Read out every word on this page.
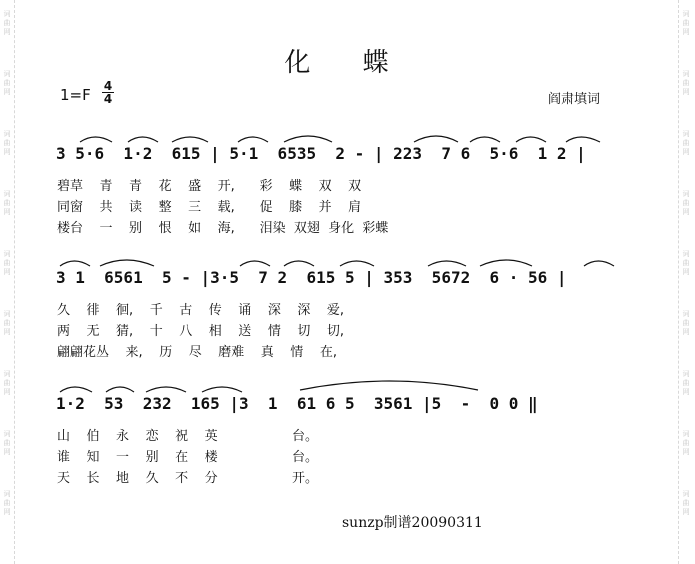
词曲网
词曲网
词曲网
词曲网
词曲网
词曲网
词曲网
词曲网
词曲网
词曲网
词曲网
词曲网
词曲网
词曲网
词曲网
词曲网
词曲网
词曲网
化 蝶
1=F 4
4	阎肃填词
3 5·6  1·2  615 | 5·1  6535  2 - | 223  7 6  5·6  1 2 |
碧草    青    青    花    盛    开,      彩    蝶    双    双
同窗    共    读    整    三    载,      促    膝    并    肩
楼台    一    别    恨    如    海,      泪染  双翅  身化  彩蝶
3 1  6561  5 - |3·5  7 2  615 5 | 353  5672  6 · 56 |
久    徘    徊,    千    古    传    诵    深    深    爱,
两    无    猜,    十    八    相    送    情    切    切,
翩翩花丛    来,    历    尽    磨难    真    情    在,
1·2  53  232  165 |3  1  61 6 5  3561 |5  -  0 0 ‖
山    伯    永    恋    祝    英                  台。
谁    知    一    别    在    楼                  台。
天    长    地    久    不    分                  开。
sunzp制谱20090311
